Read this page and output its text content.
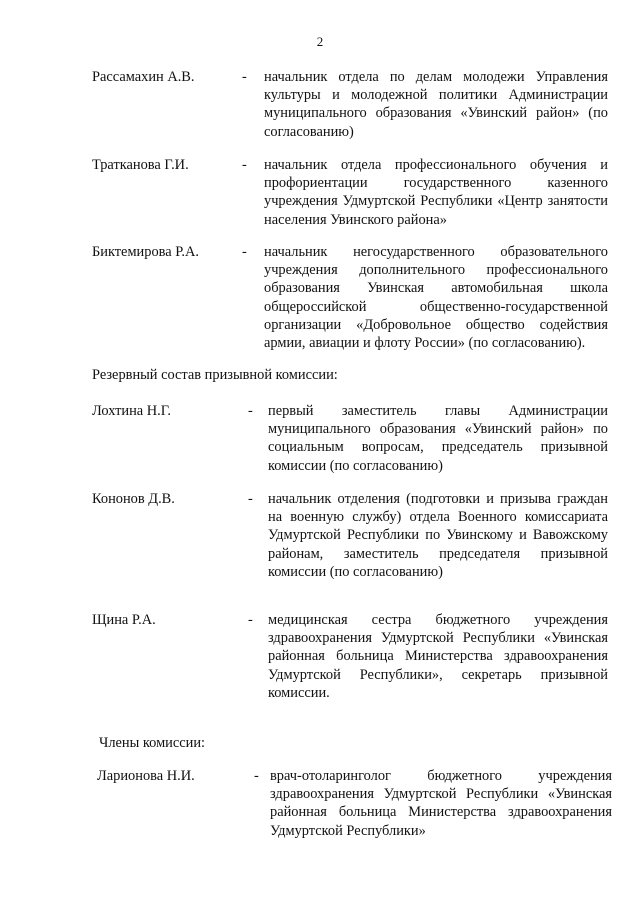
2
Рассамахин А.В.	- начальник отдела по делам молодежи Управления культуры и молодежной политики Администрации муниципального образования «Увинский район» (по согласованию)
Тратканова Г.И.	- начальник отдела профессионального обучения и профориентации государственного казенного учреждения Удмуртской Республики «Центр занятости населения Увинского района»
Биктемирова Р.А.	- начальник негосударственного образовательного учреждения дополнительного профессионального образования Увинская автомобильная школа общероссийской общественно-государственной организации «Добровольное общество содействия армии, авиации и флоту России» (по согласованию).
Резервный состав призывной комиссии:
Лохтина Н.Г.	- первый заместитель главы Администрации муниципального образования «Увинский район» по социальным вопросам, председатель призывной комиссии (по согласованию)
Кононов Д.В.	- начальник отделения (подготовки и призыва граждан на военную службу) отдела Военного комиссариата Удмуртской Республики по Увинскому и Вавожскому районам, заместитель председателя призывной комиссии (по согласованию)
Щина Р.А.	- медицинская сестра бюджетного учреждения здравоохранения Удмуртской Республики «Увинская районная больница Министерства здравоохранения Удмуртской Республики», секретарь призывной комиссии.
Члены комиссии:
Ларионова Н.И.	- врач-отоларинголог бюджетного учреждения здравоохранения Удмуртской Республики «Увинская районная больница Министерства здравоохранения Удмуртской Республики»
